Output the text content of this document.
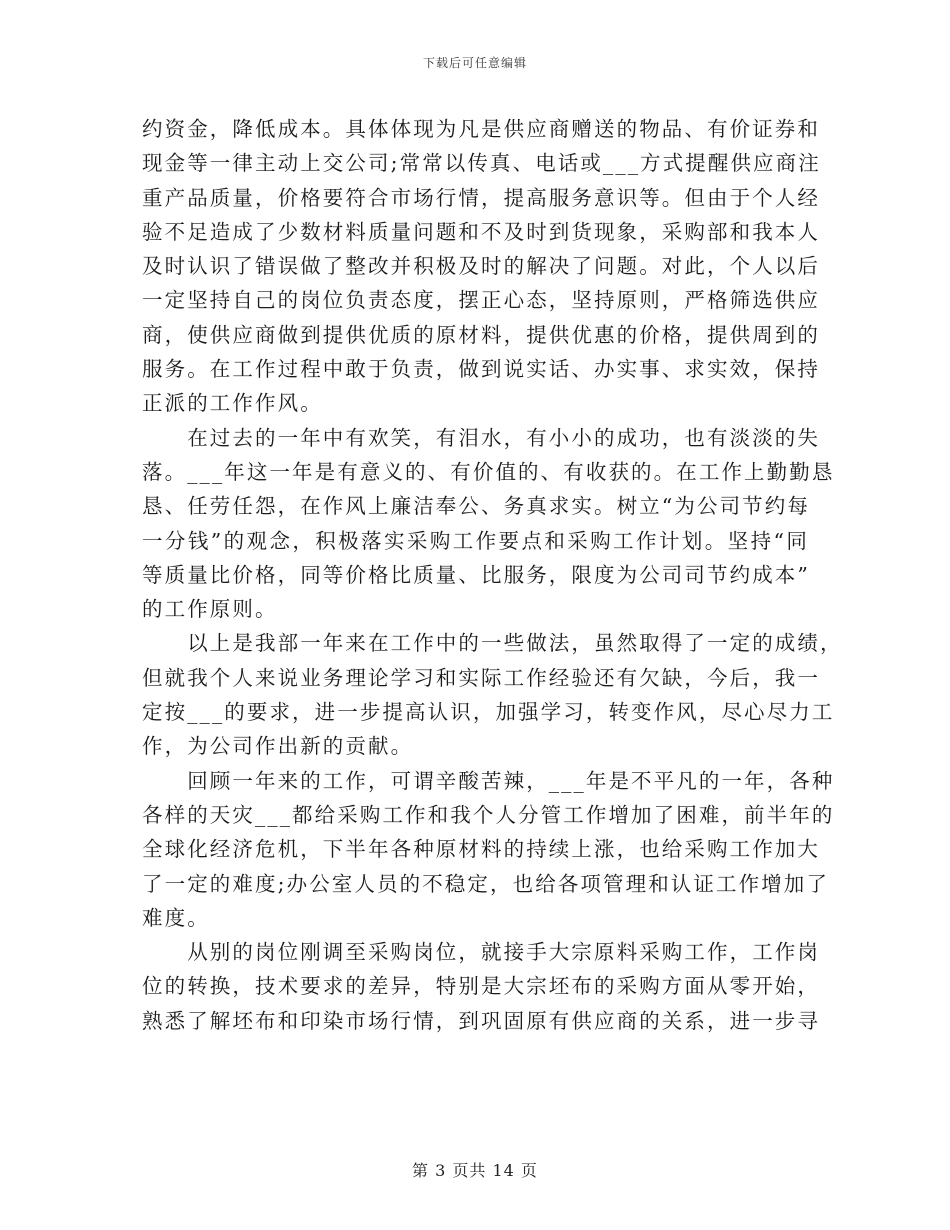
下载后可任意编辑

约资金，降低成本。具体体现为凡是供应商赠送的物品、有价证券和
现金等一律主动上交公司;常常以传真、电话或___方式提醒供应商注
重产品质量，价格要符合市场行情，提高服务意识等。但由于个人经
验不足造成了少数材料质量问题和不及时到货现象，采购部和我本人
及时认识了错误做了整改并积极及时的解决了问题。对此，个人以后
一定坚持自己的岗位负责态度，摆正心态，坚持原则，严格筛选供应
商，使供应商做到提供优质的原材料，提供优惠的价格，提供周到的
服务。在工作过程中敢于负责，做到说实话、办实事、求实效，保持
正派的工作作风。

　　在过去的一年中有欢笑，有泪水，有小小的成功，也有淡淡的失
落。___年这一年是有意义的、有价值的、有收获的。在工作上勤勤恳
恳、任劳任怨，在作风上廉洁奉公、务真求实。树立“为公司节约每
一分钱”的观念，积极落实采购工作要点和采购工作计划。坚持“同
等质量比价格，同等价格比质量、比服务，限度为公司司节约成本”
的工作原则。

　　以上是我部一年来在工作中的一些做法，虽然取得了一定的成绩，
但就我个人来说业务理论学习和实际工作经验还有欠缺，今后，我一
定按___的要求，进一步提高认识，加强学习，转变作风，尽心尽力工
作，为公司作出新的贡献。

　　回顾一年来的工作，可谓辛酸苦辣，___年是不平凡的一年，各种
各样的天灾___都给采购工作和我个人分管工作增加了困难，前半年的
全球化经济危机，下半年各种原材料的持续上涨，也给采购工作加大
了一定的难度;办公室人员的不稳定，也给各项管理和认证工作增加了
难度。

　　从别的岗位刚调至采购岗位，就接手大宗原料采购工作，工作岗
位的转换，技术要求的差异，特别是大宗坯布的采购方面从零开始，
熟悉了解坯布和印染市场行情，到巩固原有供应商的关系，进一步寻

第 3 页共 14 页
